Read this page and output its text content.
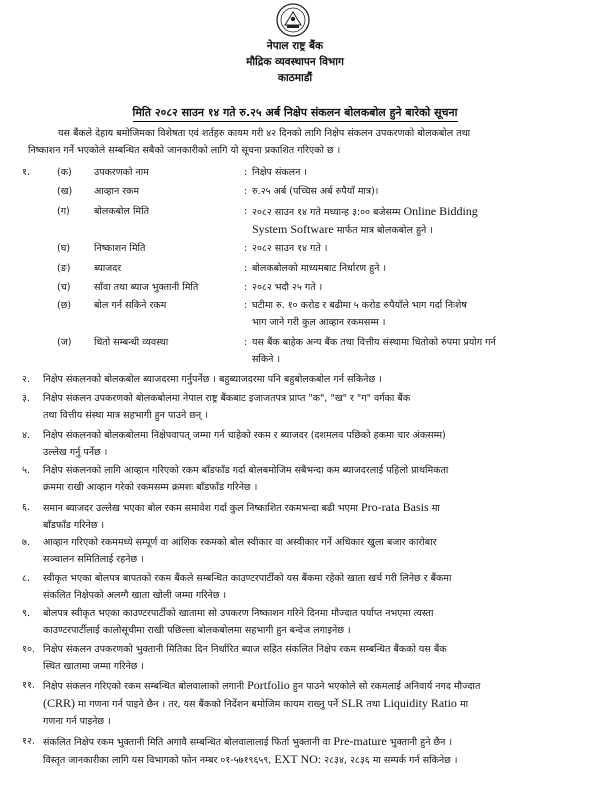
नेपाल राष्ट्र बैंक
मौद्रिक व्यवस्थापन विभाग
काठमाडौं
मिति २०८२ साउन १४ गते रु.२५ अर्ब निक्षेप संकलन बोलकबोल हुने बारेको सूचना
यस बैंकले देहाय बमोजिमका विशेषता एवं शर्तहरु कायम गरी ४२ दिनको लागि निक्षेप संकलन उपकरणको बोलकबोल तथा
निष्काशन गर्ने भएकोले सम्बन्धित सबैको जानकारीको लागि यो सूचना प्रकाशित गरिएको छ ।
१.	(क) उपकरणको नाम	: निक्षेप संकलन ।
(ख) आव्हान रकम	: रु.२५ अर्ब (पच्चिस अर्ब रुपैयाँ मात्र)।
(ग)	बोलकबोल मिति	: २०८२ साउन १४ गते मध्यान्ह ३:०० बजेसम्म Online Bidding
System Software मार्फत मात्र बोलकबोल हुने ।
(घ)	निष्काशन मिति	: २०८२ साउन १४ गते ।
(ङ) ब्याजदर	: बोलकबोलको माध्यमबाट निर्धारण हुने ।
(च) साँवा तथा ब्याज भुक्तानी मिति	: २०८२ भदौ २५ गते ।
(छ) बोल गर्न सकिने रकम	: घटीमा रु. १० करोड र बढीमा ५ करोड रुपैयाँले भाग गर्दा निःशेष
भाग जाने गरी कुल आव्हान रकमसम्म ।
(ज) धितो सम्बन्धी व्यवस्था	: यस बैंक बाहेक अन्य बैंक तथा वित्तीय संस्थामा धितोको रुपमा प्रयोग गर्न
सकिने ।
२. निक्षेप संकलनको बोलकबोल ब्याजदरमा गर्नुपर्नेछ । बहुब्याजदरमा पनि बहुबोलकबोल गर्न सकिनेछ ।
३. निक्षेप संकलन उपकरणको बोलकबोलमा नेपाल राष्ट्र बैंकबाट इजाजतपत्र प्राप्त "क", "ख" र "ग" वर्गका बैंक
तथा वित्तीय संस्था मात्र सहभागी हुन पाउने छन् ।
४. निक्षेप संकलनको बोलकबोलमा निक्षेपवापत् जम्मा गर्न चाहेको रकम र ब्याजदर (दशमलव पछिको हकमा चार अंकसम्म)
उल्लेख गर्नु पर्नेछ ।
५. निक्षेप संकलनको लागि आव्हान गरिएको रकम बाँडफाँड गर्दा बोलबमोजिम सबैभन्दा कम ब्याजदरलाई पहिलो प्राथमिकता
क्रममा राखी आव्हान गरेको रकमसम्म क्रमशः बाँडफाँड गरिनेछ ।
६. समान ब्याजदर उल्लेख भएका बोल रकम समावेश गर्दा कुल निष्काशित रकमभन्दा बढी भएमा Pro-rata Basis मा
बाँडफाँड गरिनेछ ।
७. आव्हान गरिएको रकममध्ये सम्पूर्ण वा आंशिक रकमको बोल स्वीकार वा अस्वीकार गर्ने अधिकार खुला बजार कारोबार
सञ्चालन समितिलाई रहनेछ ।
८. स्वीकृत भएका बोलपत्र बापतको रकम बैंकले सम्बन्धित काउण्टरपार्टीको यस बैंकमा रहेको खाता खर्च गरी लिनेछ र बैंकमा
संकलित निक्षेपको अलग्गै खाता खोली जम्मा गरिनेछ ।
९. बोलपत्र स्वीकृत भएका काउण्टरपार्टीको खातामा सो उपकरण निष्काशन गरिने दिनमा मौज्दात पर्याप्त नभएमा त्यस्ता
काउण्टरपार्टीलाई कालोसूचीमा राखी पछिल्ला बोलकबोलमा सहभागी हुन बन्देज लगाइनेछ ।
१०. निक्षेप संकलन उपकरणको भुक्तानी मितिका दिन निर्धारित ब्याज सहित संकलित निक्षेप रकम सम्बन्धित बैंकको यस बैंक
स्थित खातामा जम्मा गरिनेछ ।
११. निक्षेप संकलन गरिएको रकम सम्बन्धित बोलवालाको लगानी Portfolio हुन पाउने भएकोले सो रकमलाई अनिवार्य नगद मौज्दात
(CRR) मा गणना गर्न पाइने छैन । तर, यस बैंकको निर्देशन बमोजिम कायम राख्नु पर्ने SLR तथा Liquidity Ratio मा
गणना गर्न पाइनेछ ।
१२. संकलित निक्षेप रकम भुक्तानी मिति अगावै सम्बन्धित बोलवालालाई फिर्ता भुक्तानी वा Pre-mature भुक्तानी हुने छैन ।
विस्तृत जानकारीका लागि यस विभागको फोन नम्बर ०१-५७१९६५९, EXT NO: २८३४, २८३६ मा सम्पर्क गर्न सकिनेछ ।
